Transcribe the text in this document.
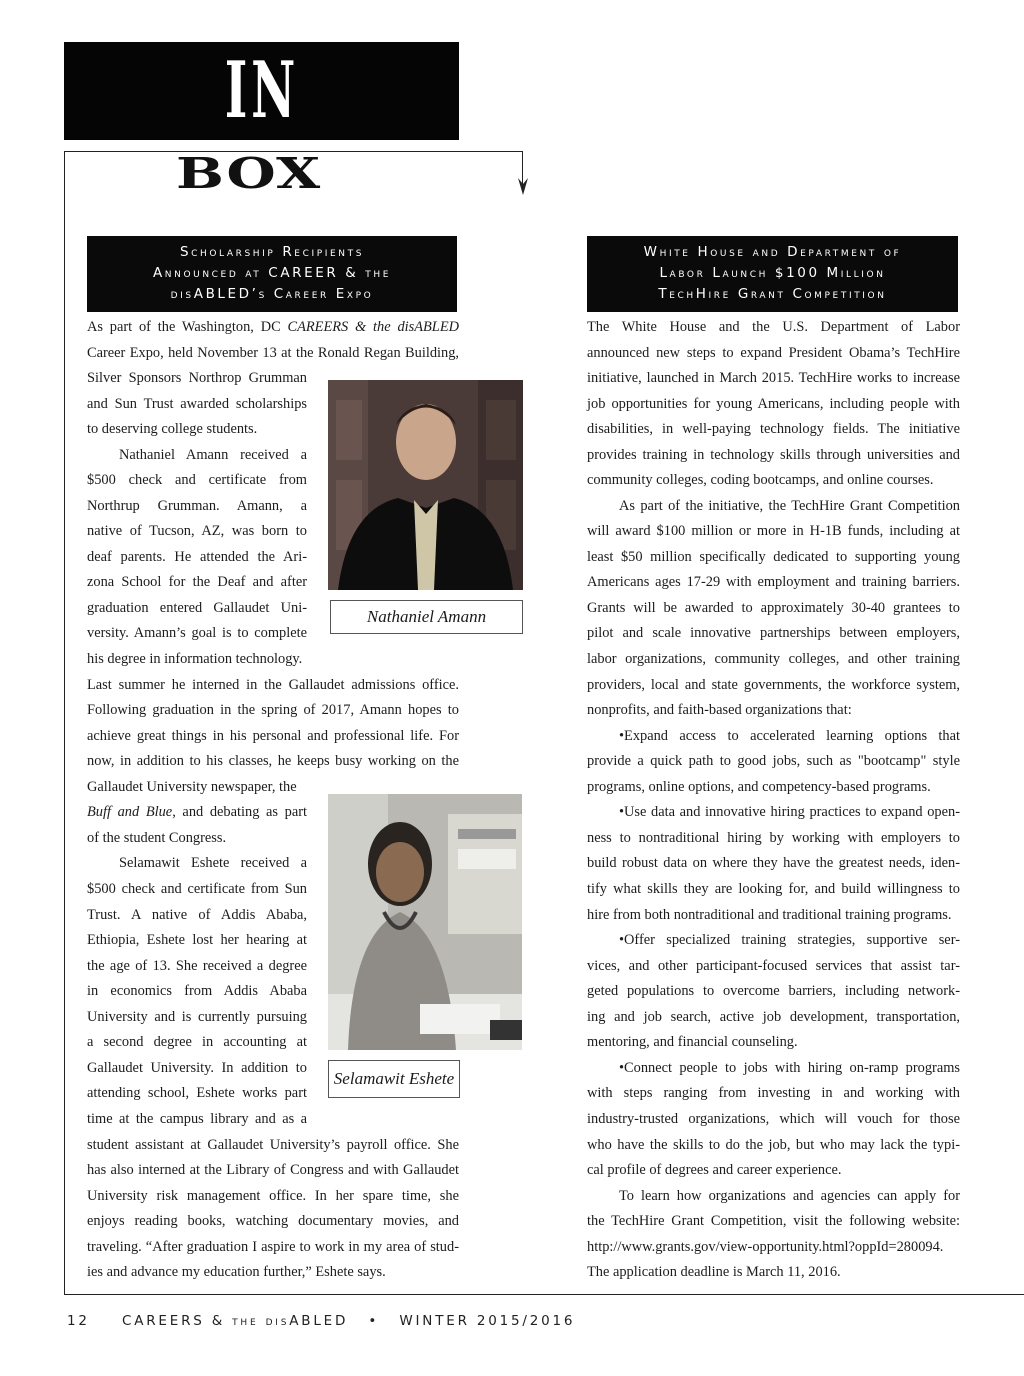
IN
BOX
Scholarship Recipients
Announced at CAREER & the
disABLED’s Career Expo
White House and Department of
Labor Launch $100 Million
TechHire Grant Competition
Nathaniel Amann
Selamawit Eshete
As part of the Washington, DC CAREERS & the disABLED
Career Expo, held November 13 at the Ronald Regan Building,
Silver Sponsors Northrop Grumman
and Sun Trust awarded scholarships
to deserving college students.
Nathaniel Amann received a
$500 check and certificate from
Northrup Grumman. Amann, a
native of Tucson, AZ, was born to
deaf parents. He attended the Ari-
zona School for the Deaf and after
graduation entered Gallaudet Uni-
versity. Amann’s goal is to complete
his degree in information technology.
Last summer he interned in the Gallaudet admissions office.
Following graduation in the spring of 2017, Amann hopes to
achieve great things in his personal and professional life. For
now, in addition to his classes, he keeps busy working on the
Gallaudet University newspaper, the
Buff and Blue, and debating as part
of the student Congress.
Selamawit Eshete received a
$500 check and certificate from Sun
Trust. A native of Addis Ababa,
Ethiopia, Eshete lost her hearing at
the age of 13. She received a degree
in economics from Addis Ababa
University and is currently pursuing
a second degree in accounting at
Gallaudet University. In addition to
attending school, Eshete works part
time at the campus library and as a
student assistant at Gallaudet University’s payroll office. She
has also interned at the Library of Congress and with Gallaudet
University risk management office. In her spare time, she
enjoys reading books, watching documentary movies, and
traveling. “After graduation I aspire to work in my area of stud-
ies and advance my education further,” Eshete says.
The White House and the U.S. Department of Labor
announced new steps to expand President Obama’s TechHire
initiative, launched in March 2015. TechHire works to increase
job opportunities for young Americans, including people with
disabilities, in well-paying technology fields. The initiative
provides training in technology skills through universities and
community colleges, coding bootcamps, and online courses.
As part of the initiative, the TechHire Grant Competition
will award $100 million or more in H-1B funds, including at
least $50 million specifically dedicated to supporting young
Americans ages 17-29 with employment and training barriers.
Grants will be awarded to approximately 30-40 grantees to
pilot and scale innovative partnerships between employers,
labor organizations, community colleges, and other training
providers, local and state governments, the workforce system,
nonprofits, and faith-based organizations that:
•Expand access to accelerated learning options that
provide a quick path to good jobs, such as "bootcamp" style
programs, online options, and competency-based programs.
•Use data and innovative hiring practices to expand open-
ness to nontraditional hiring by working with employers to
build robust data on where they have the greatest needs, iden-
tify what skills they are looking for, and build willingness to
hire from both nontraditional and traditional training programs.
•Offer specialized training strategies, supportive ser-
vices, and other participant-focused services that assist tar-
geted populations to overcome barriers, including network-
ing and job search, active job development, transportation,
mentoring, and financial counseling.
•Connect people to jobs with hiring on-ramp programs
with steps ranging from investing in and working with
industry-trusted organizations, which will vouch for those
who have the skills to do the job, but who may lack the typi-
cal profile of degrees and career experience.
To learn how organizations and agencies can apply for
the TechHire Grant Competition, visit the following website:
http://www.grants.gov/view-opportunity.html?oppId=280094.
The application deadline is March 11, 2016.
12 CAREERS & the disABLED • WINTER 2015/2016
